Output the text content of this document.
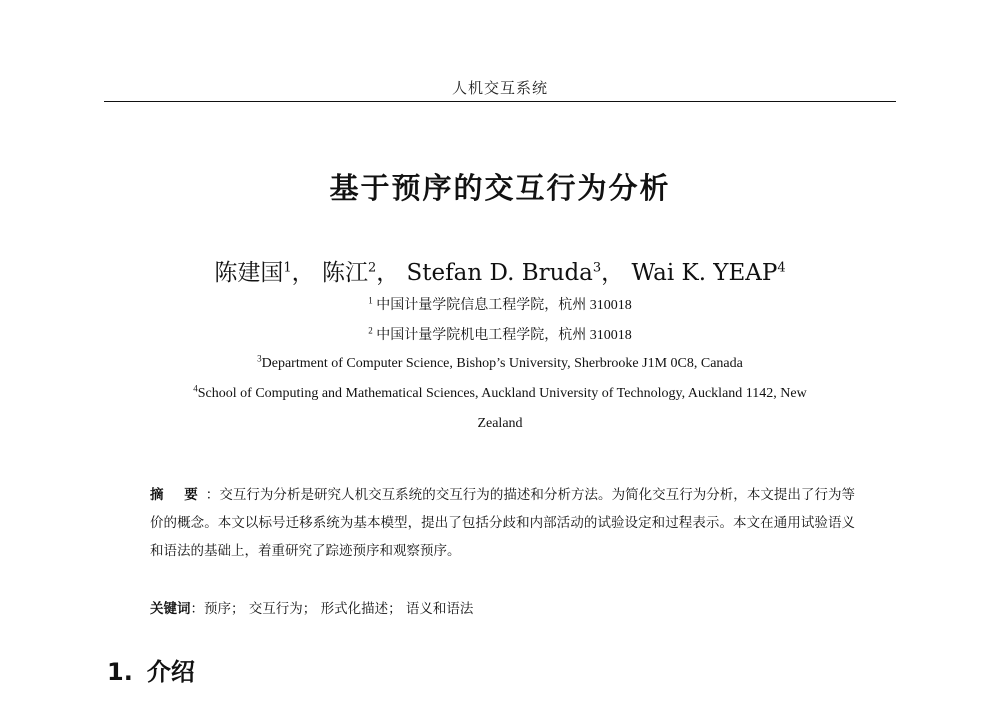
人机交互系统
基于预序的交互行为分析
陈建国$^1$， 陈江$^2$， Stefan D. Bruda$^3$， Wai K. YEAP$^4$
$^1$ 中国计量学院信息工程学院，杭州 310018
$^2$ 中国计量学院机电工程学院，杭州 310018
$^3$Department of Computer Science, Bishop’s University, Sherbrooke J1M 0C8, Canada
$^4$School of Computing and Mathematical Sciences, Auckland University of Technology, Auckland 1142, New
Zealand
摘 要：交互行为分析是研究人机交互系统的交互行为的描述和分析方法。为简化交互行为分析，本文提出了行为等价的概念。本文以标号迁移系统为基本模型，提出了包括分歧和内部活动的试验设定和过程表示。本文在通用试验语义和语法的基础上，着重研究了踪迹预序和观察预序。
关键词：预序； 交互行为； 形式化描述； 语义和语法
1. 介绍
